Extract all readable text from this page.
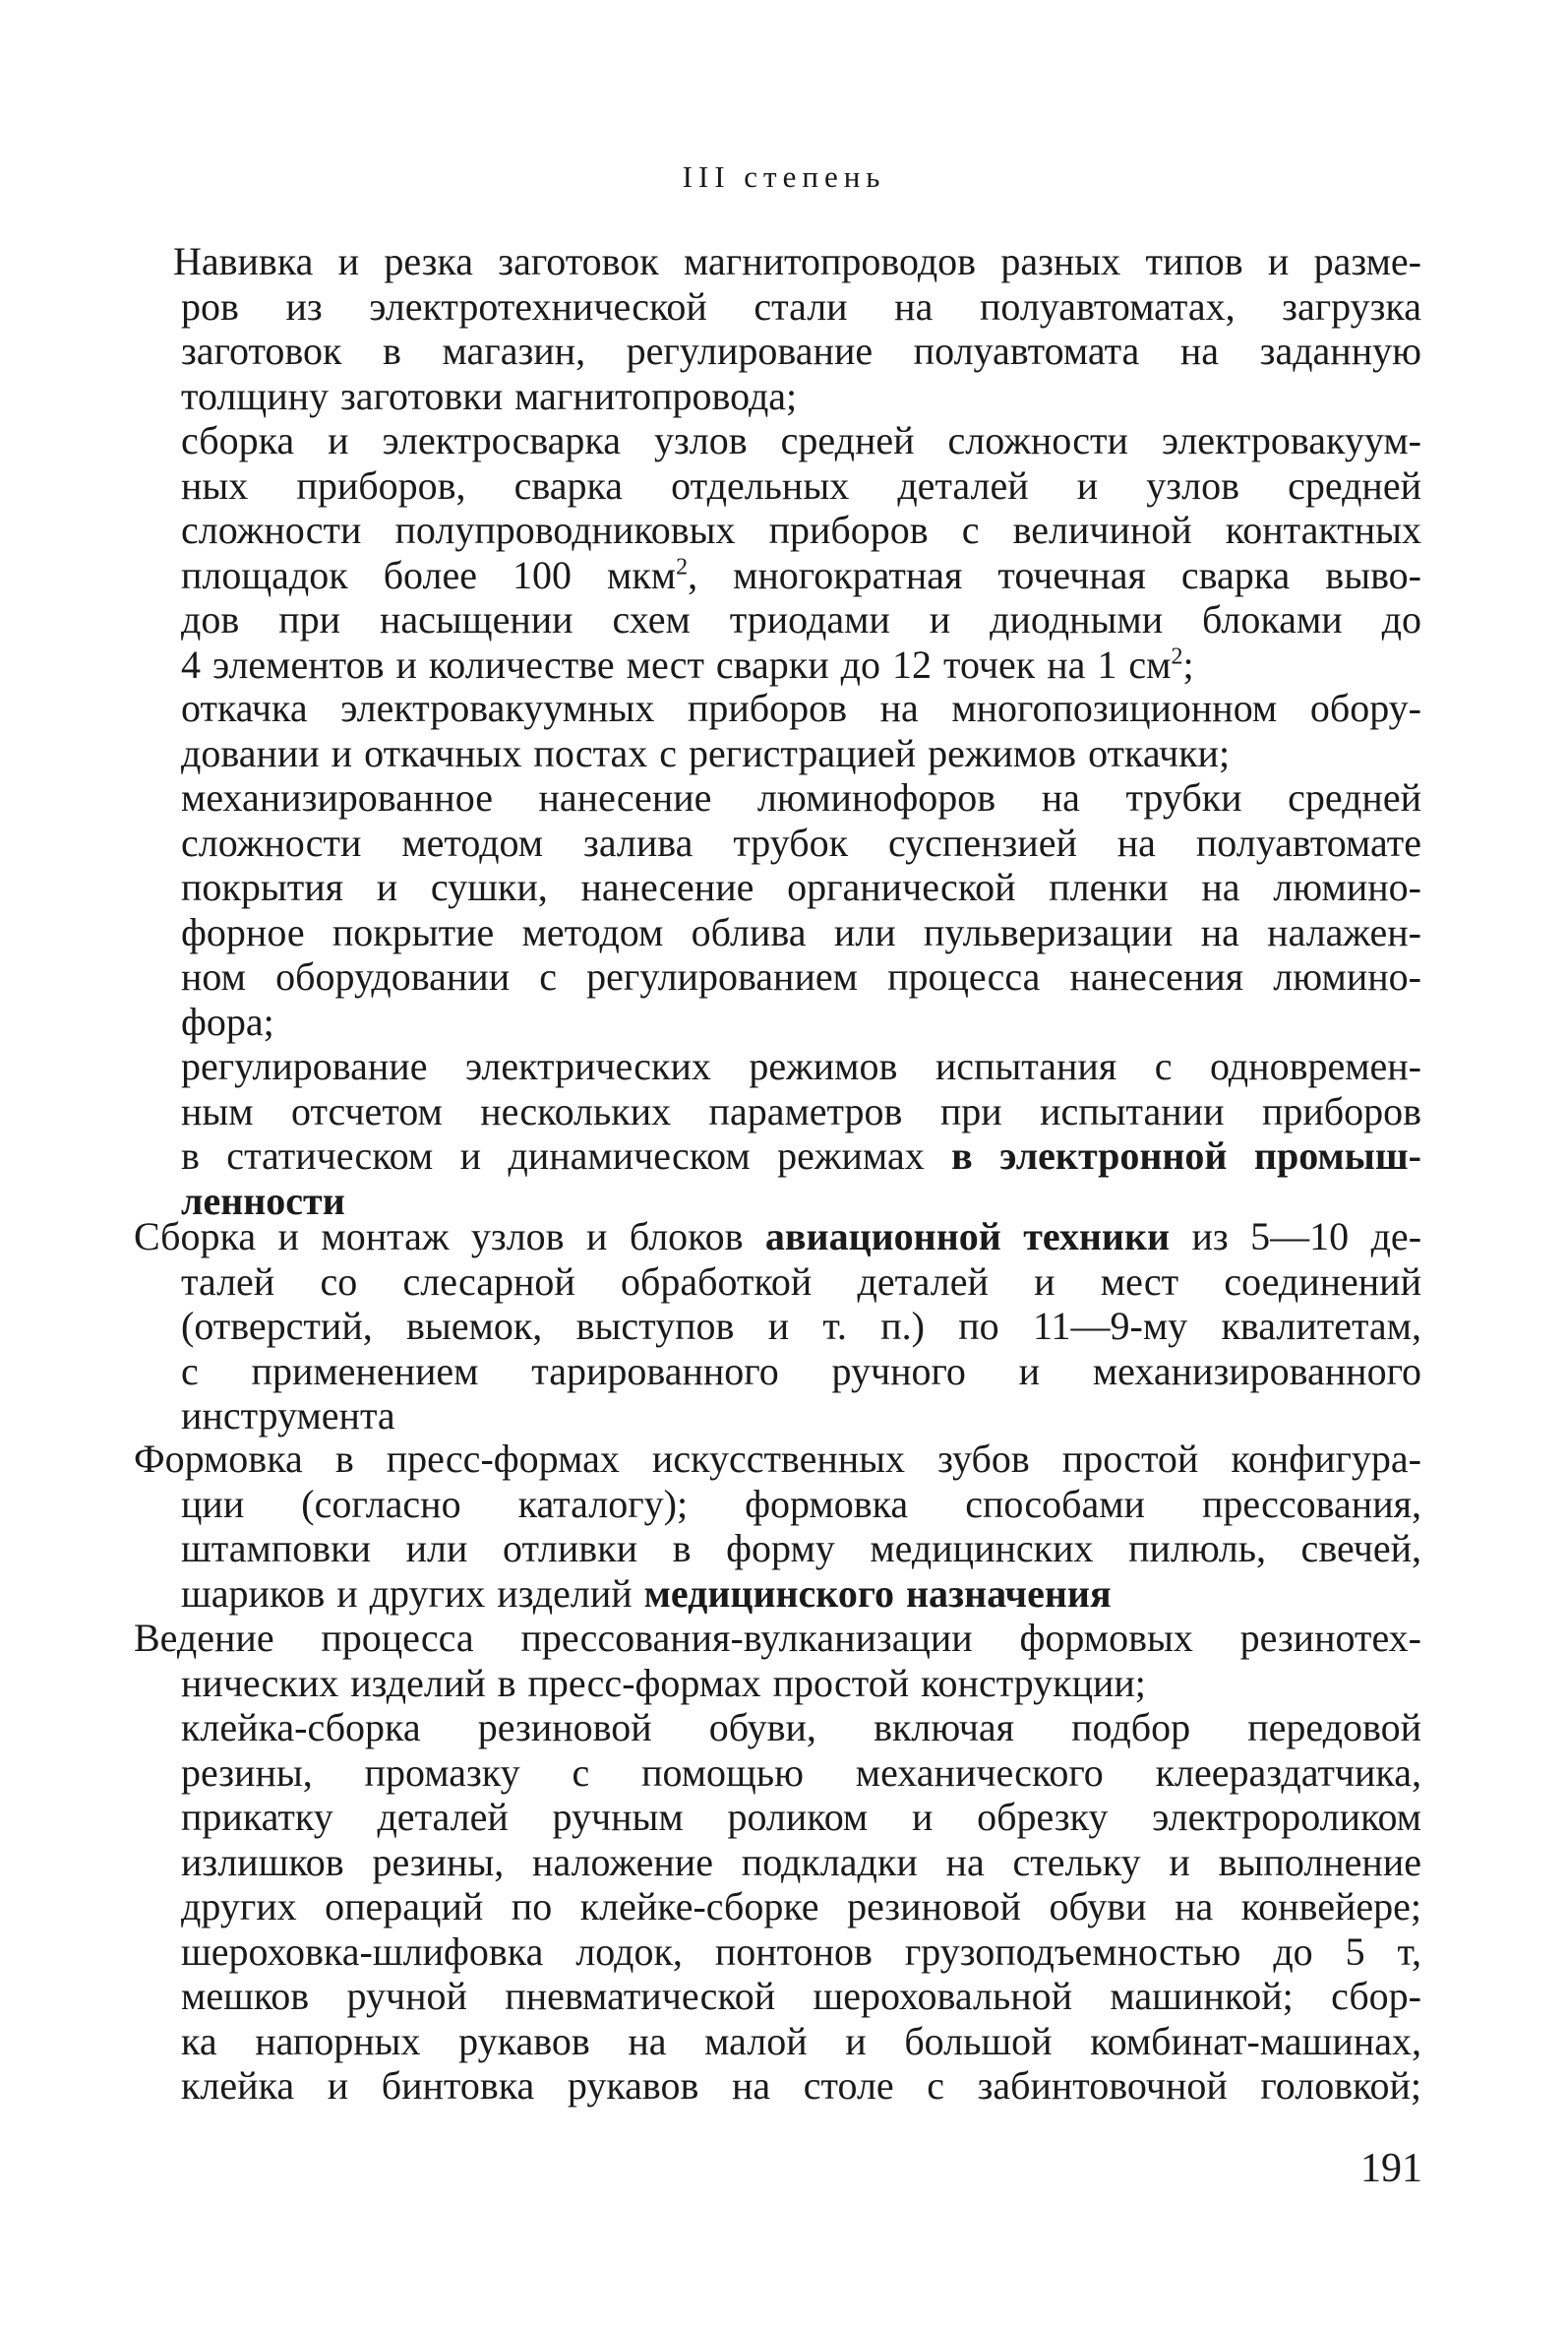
III степень
Навивка и резка заготовок магнитопроводов разных типов и разме-
ров из электротехнической стали на полуавтоматах, загрузка
заготовок в магазин, регулирование полуавтомата на заданную
толщину заготовки магнитопровода;
сборка и электросварка узлов средней сложности электровакуум-
ных приборов, сварка отдельных деталей и узлов средней
сложности полупроводниковых приборов с величиной контактных
площадок более 100 мкм$^2$, многократная точечная сварка выво-
дов при насыщении схем триодами и диодными блоками до
4 элементов и количестве мест сварки до 12 точек на 1 $см^2$;
откачка электровакуумных приборов на многопозиционном обору-
довании и откачных постах с регистрацией режимов откачки;
механизированное нанесение люминофоров на трубки средней
сложности методом залива трубок суспензией на полуавтомате
покрытия и сушки, нанесение органической пленки на люмино-
форное покрытие методом облива или пульверизации на налажен-
ном оборудовании с регулированием процесса нанесения люмино-
фора;
регулирование электрических режимов испытания с одновремен-
ным отсчетом нескольких параметров при испытании приборов
в статическом и динамическом режимах в электронной промыш-
ленности
Сборка и монтаж узлов и блоков авиационной техники из 5—10 де-
талей со слесарной обработкой деталей и мест соединений
(отверстий, выемок, выступов и т. п.) по 11—9-му квалитетам,
с применением тарированного ручного и механизированного
инструмента
Формовка в пресс-формах искусственных зубов простой конфигура-
ции (согласно каталогу); формовка способами прессования,
штамповки или отливки в форму медицинских пилюль, свечей,
шариков и других изделий медицинского назначения
Ведение процесса прессования-вулканизации формовых резинотех-
нических изделий в пресс-формах простой конструкции;
клейка-сборка резиновой обуви, включая подбор передовой
резины, промазку с помощью механического клеераздатчика,
прикатку деталей ручным роликом и обрезку электророликом
излишков резины, наложение подкладки на стельку и выполнение
других операций по клейке-сборке резиновой обуви на конвейере;
шероховка-шлифовка лодок, понтонов грузоподъемностью до 5 т,
мешков ручной пневматической шероховальной машинкой; сбор-
ка напорных рукавов на малой и большой комбинат-машинах,
клейка и бинтовка рукавов на столе с забинтовочной головкой;
191
